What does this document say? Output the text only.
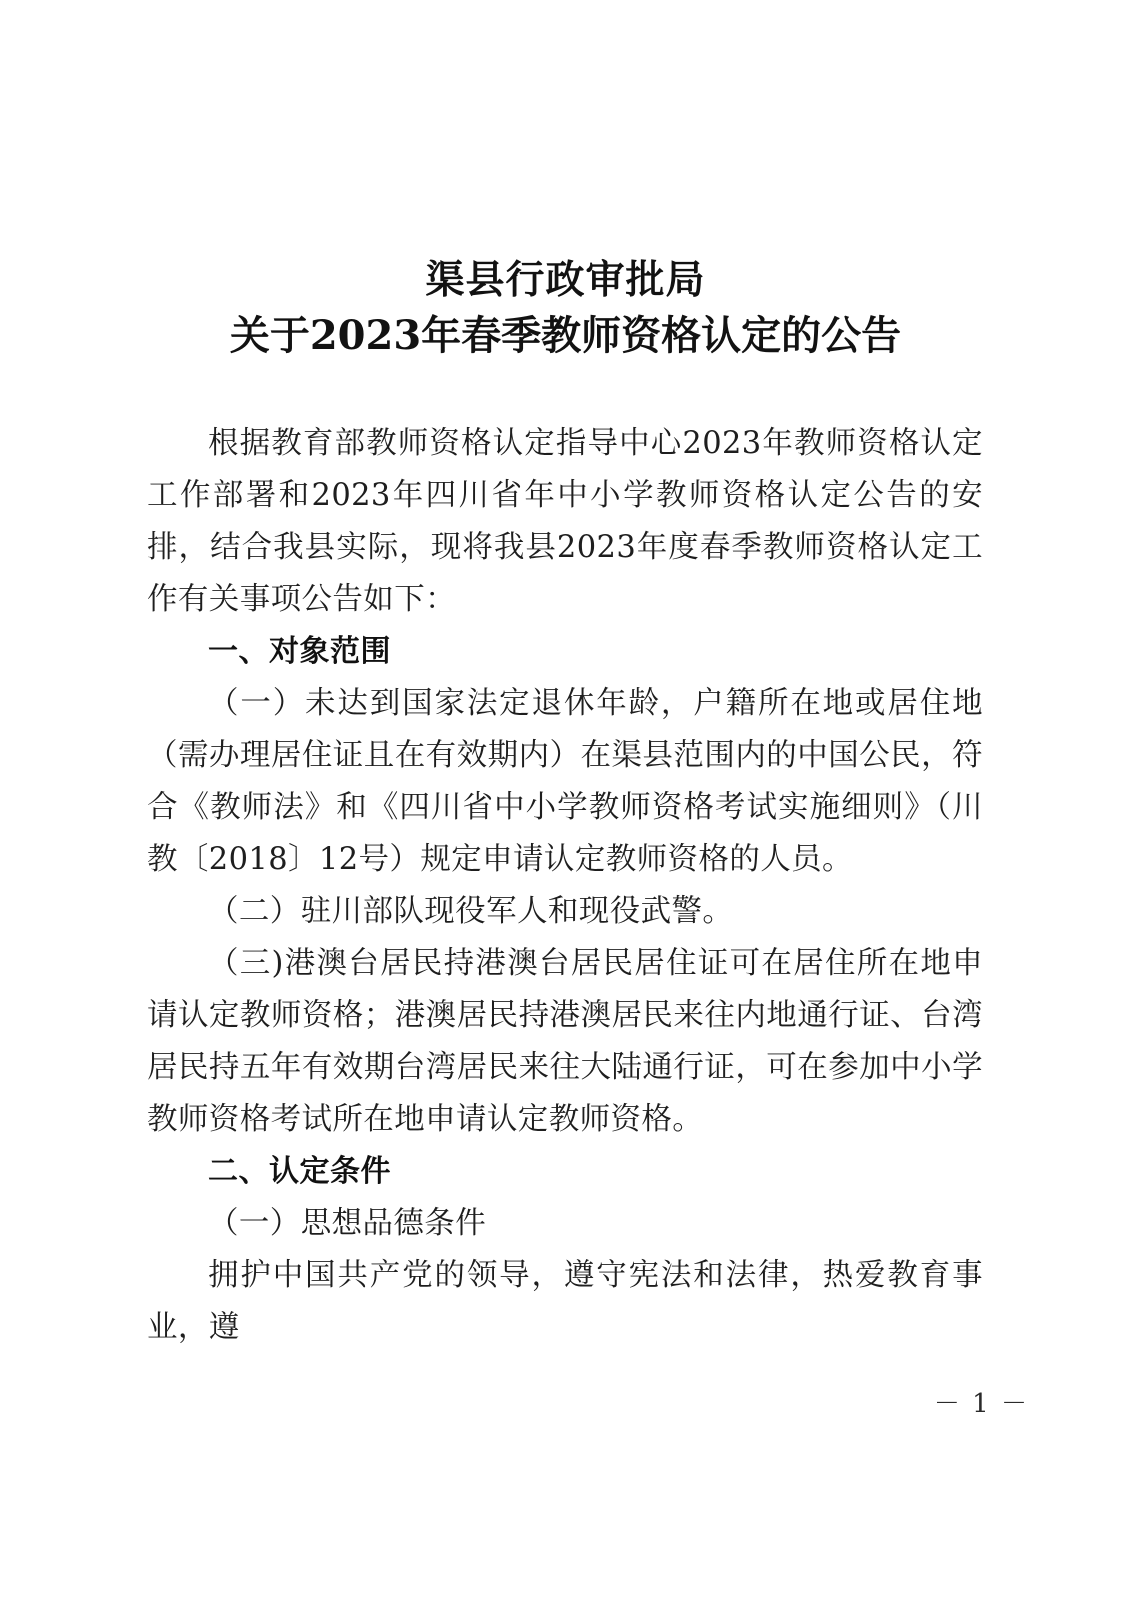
渠县行政审批局
关于2023年春季教师资格认定的公告

根据教育部教师资格认定指导中心2023年教师资格认定工作部署和2023年四川省年中小学教师资格认定公告的安排，结合我县实际，现将我县2023年度春季教师资格认定工作有关事项公告如下：

一、对象范围

（一）未达到国家法定退休年龄，户籍所在地或居住地（需办理居住证且在有效期内）在渠县范围内的中国公民，符合《教师法》和《四川省中小学教师资格考试实施细则》（川教〔2018〕12号）规定申请认定教师资格的人员。

（二）驻川部队现役军人和现役武警。

（三)港澳台居民持港澳台居民居住证可在居住所在地申请认定教师资格；港澳居民持港澳居民来往内地通行证、台湾居民持五年有效期台湾居民来往大陆通行证，可在参加中小学教师资格考试所在地申请认定教师资格。

二、认定条件

（一）思想品德条件

拥护中国共产党的领导，遵守宪法和法律，热爱教育事业，遵

－ 1 －
